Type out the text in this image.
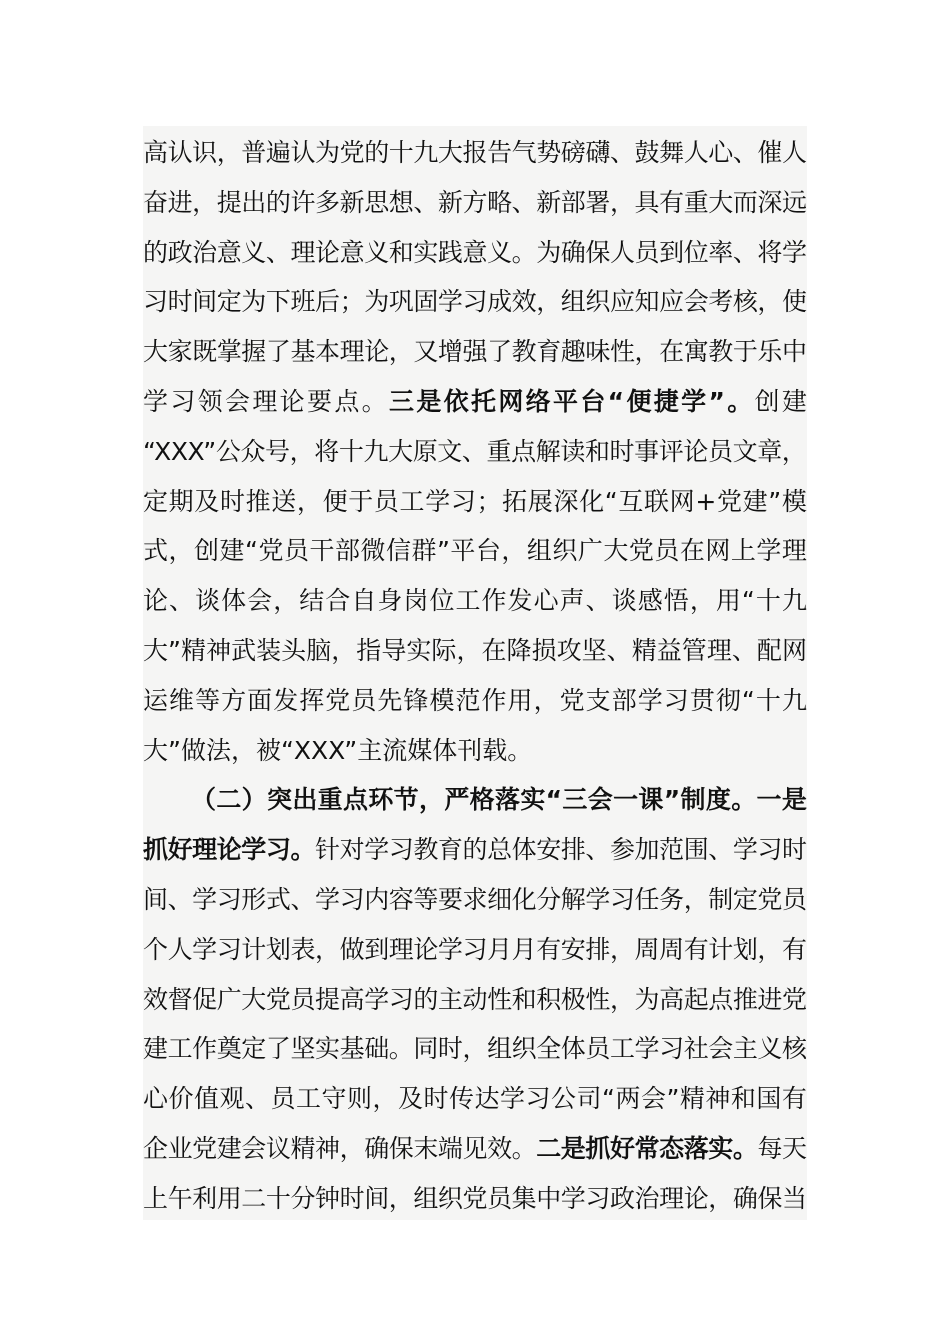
高认识，普遍认为党的十九大报告气势磅礴、鼓舞人心、催人
奋进，提出的许多新思想、新方略、新部署，具有重大而深远
的政治意义、理论意义和实践意义。为确保人员到位率、将学
习时间定为下班后；为巩固学习成效，组织应知应会考核，使
大家既掌握了基本理论，又增强了教育趣味性，在寓教于乐中
学习领会理论要点。三是依托网络平台“便捷学”。创建
“XXX”公众号，将十九大原文、重点解读和时事评论员文章，
定期及时推送，便于员工学习；拓展深化“互联网+党建”模
式，创建“党员干部微信群”平台，组织广大党员在网上学理
论、谈体会，结合自身岗位工作发心声、谈感悟，用“十九
大”精神武装头脑，指导实际，在降损攻坚、精益管理、配网
运维等方面发挥党员先锋模范作用，党支部学习贯彻“十九
大”做法，被“XXX”主流媒体刊载。
（二）突出重点环节，严格落实“三会一课”制度。一是
抓好理论学习。针对学习教育的总体安排、参加范围、学习时
间、学习形式、学习内容等要求细化分解学习任务，制定党员
个人学习计划表，做到理论学习月月有安排，周周有计划，有
效督促广大党员提高学习的主动性和积极性，为高起点推进党
建工作奠定了坚实基础。同时，组织全体员工学习社会主义核
心价值观、员工守则，及时传达学习公司“两会”精神和国有
企业党建会议精神，确保末端见效。二是抓好常态落实。每天
上午利用二十分钟时间，组织党员集中学习政治理论，确保当
